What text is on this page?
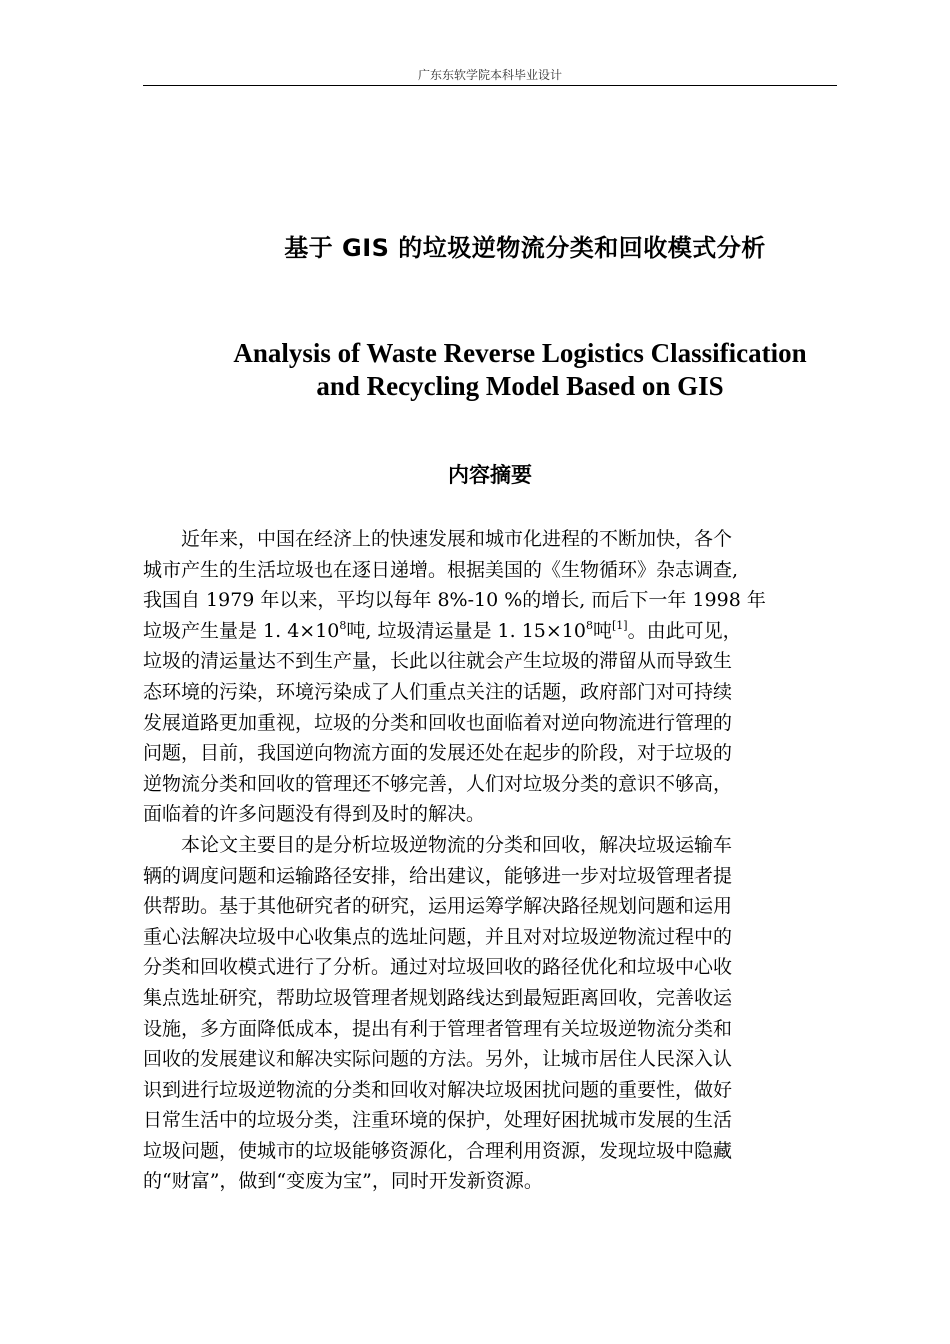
广东东软学院本科毕业设计
基于 GIS 的垃圾逆物流分类和回收模式分析
Analysis of Waste Reverse Logistics Classification
and Recycling Model Based on GIS
内容摘要
近年来，中国在经济上的快速发展和城市化进程的不断加快，各个
城市产生的生活垃圾也在逐日递增。根据美国的《生物循环》杂志调查,
我国自 1979 年以来，平均以每年 8%-10 %的增长, 而后下一年 1998 年
垃圾产生量是 1. $4\times 10^8$吨, 垃圾清运量是 1. $15\times 10^8$吨[1]。由此可见，
垃圾的清运量达不到生产量，长此以往就会产生垃圾的滞留从而导致生
态环境的污染，环境污染成了人们重点关注的话题，政府部门对可持续
发展道路更加重视，垃圾的分类和回收也面临着对逆向物流进行管理的
问题，目前，我国逆向物流方面的发展还处在起步的阶段，对于垃圾的
逆物流分类和回收的管理还不够完善，人们对垃圾分类的意识不够高，
面临着的许多问题没有得到及时的解决。
本论文主要目的是分析垃圾逆物流的分类和回收，解决垃圾运输车
辆的调度问题和运输路径安排，给出建议，能够进一步对垃圾管理者提
供帮助。基于其他研究者的研究，运用运筹学解决路径规划问题和运用
重心法解决垃圾中心收集点的选址问题，并且对对垃圾逆物流过程中的
分类和回收模式进行了分析。通过对垃圾回收的路径优化和垃圾中心收
集点选址研究，帮助垃圾管理者规划路线达到最短距离回收，完善收运
设施，多方面降低成本，提出有利于管理者管理有关垃圾逆物流分类和
回收的发展建议和解决实际问题的方法。另外，让城市居住人民深入认
识到进行垃圾逆物流的分类和回收对解决垃圾困扰问题的重要性，做好
日常生活中的垃圾分类，注重环境的保护，处理好困扰城市发展的生活
垃圾问题，使城市的垃圾能够资源化，合理利用资源，发现垃圾中隐藏
的“财富”，做到“变废为宝”，同时开发新资源。
